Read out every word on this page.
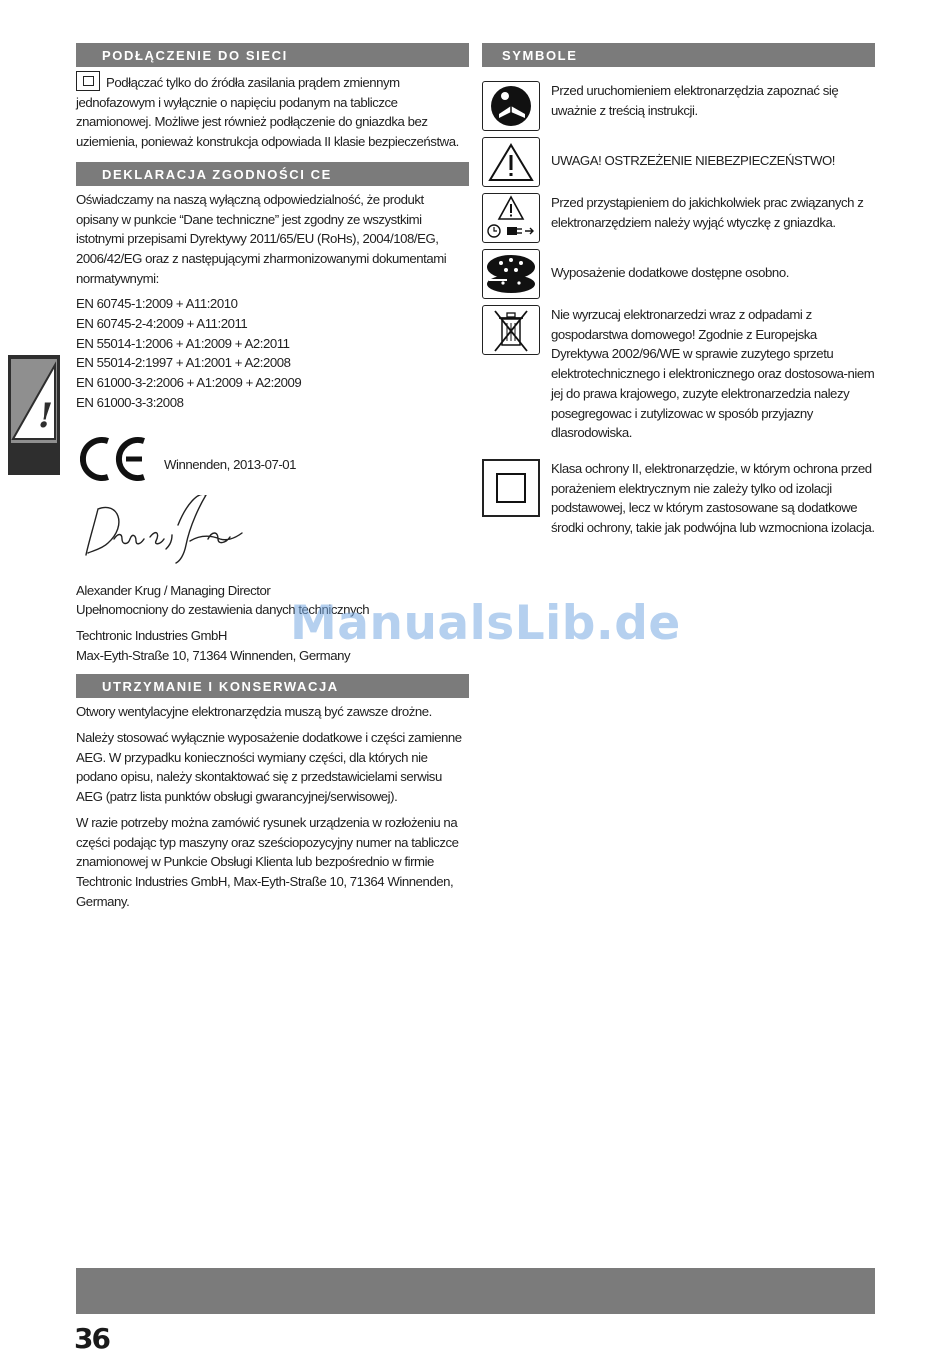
!
PODŁĄCZENIE DO SIECI

Podłączać tylko do źródła zasilania prądem zmiennym jednofazowym i wyłącznie o napięciu podanym na tabliczce znamionowej. Możliwe jest również podłączenie do gniazdka bez uziemienia, ponieważ konstrukcja odpowiada II klasie bezpieczeństwa.

DEKLARACJA ZGODNOŚCI CE

Oświadczamy na naszą wyłączną odpowiedzialność, że produkt opisany w punkcie “Dane techniczne” jest zgodny ze wszystkimi istotnymi przepisami Dyrektywy 2011/65/EU (RoHs), 2004/108/EG, 2006/42/EG oraz z następującymi zharmonizowanymi dokumentami normatywnymi:

EN 60745-1:2009 + A11:2010

EN 60745-2-4:2009 + A11:2011

EN 55014-1:2006 + A1:2009 + A2:2011

EN 55014-2:1997 + A1:2001 + A2:2008

EN 61000-3-2:2006 + A1:2009 + A2:2009

EN 61000-3-3:2008

Winnenden, 2013-07-01

Alexander Krug / Managing Director

Upełnomocniony do zestawienia danych technicznych

Techtronic Industries GmbH

Max-Eyth-Straße 10, 71364 Winnenden, Germany

UTRZYMANIE I KONSERWACJA

Otwory wentylacyjne elektronarzędzia muszą być zawsze drożne.

Należy stosować wyłącznie wyposażenie dodatkowe i części zamienne AEG. W przypadku konieczności wymiany części, dla których nie podano opisu, należy skontaktować się z przedstawicielami serwisu AEG (patrz lista punktów obsługi gwarancyjnej/serwisowej).

W razie potrzeby można zamówić rysunek urządzenia w rozłożeniu na części podając typ maszyny oraz sześciopozycyjny numer na tabliczce znamionowej w Punkcie Obsługi Klienta lub bezpośrednio w firmie Techtronic Industries GmbH, Max-Eyth-Straße 10, 71364 Winnenden, Germany.

SYMBOLE

Przed uruchomieniem elektronarzędzia zapoznać się uważnie z treścią instrukcji.

UWAGA! OSTRZEŻENIE NIEBEZPIECZEŃSTWO!

Przed przystąpieniem do jakichkolwiek prac związanych z elektronarzędziem należy wyjąć wtyczkę z gniazdka.

Wyposażenie dodatkowe dostępne osobno.

Nie wyrzucaj elektronarzedzi wraz z odpadami z gospodarstwa domowego! Zgodnie z Europejska Dyrektywa 2002/96/WE w sprawie zuzytego sprzetu elektrotechnicznego i elektronicznego oraz dostosowa-niem jej do prawa krajowego, zuzyte elektronarzedzia nalezy posegregowac i zutylizowac w sposób przyjazny dlasrodowiska.

Klasa ochrony II, elektronarzędzie, w którym ochrona przed porażeniem elektrycznym nie zależy tylko od izolacji podstawowej, lecz w którym zastosowane są dodatkowe środki ochrony, takie jak podwójna lub wzmocniona izolacja.

ManualsLib.de
36
